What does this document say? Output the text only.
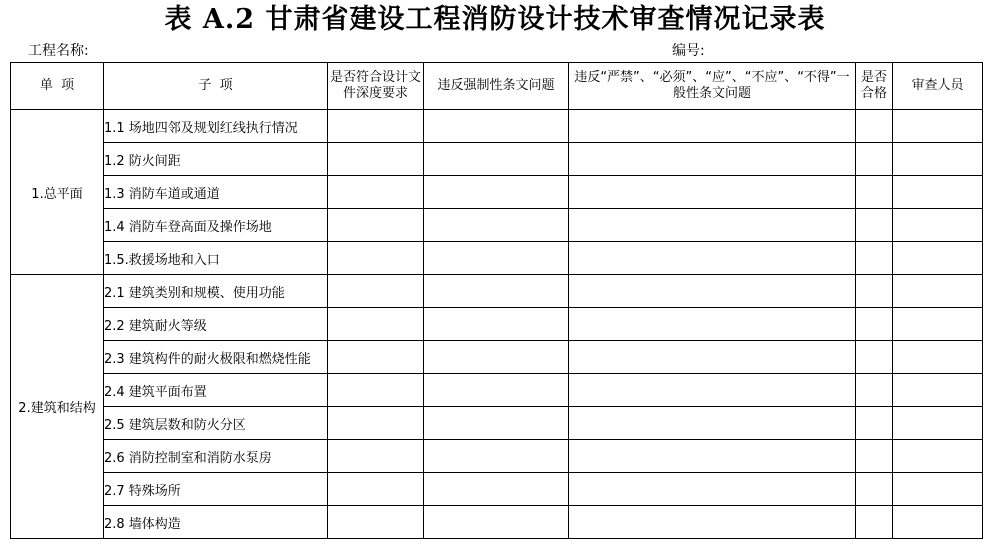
表 A.2 甘肃省建设工程消防设计技术审查情况记录表
工程名称:	编号:
单  项	子  项	是否符合设计文件深度要求	违反强制性条文问题	违反“严禁”、“必须”、“应”、“不应”、“不得”一般性条文问题	是否合格	审查人员
1.总平面	1.1 场地四邻及规划红线执行情况					
	1.2 防火间距					
	1.3 消防车道或通道					
	1.4 消防车登高面及操作场地					
	1.5.救援场地和入口					
2.建筑和结构	2.1 建筑类别和规模、使用功能					
	2.2 建筑耐火等级					
	2.3 建筑构件的耐火极限和燃烧性能					
	2.4 建筑平面布置					
	2.5 建筑层数和防火分区					
	2.6 消防控制室和消防水泵房					
	2.7 特殊场所					
	2.8 墙体构造					
